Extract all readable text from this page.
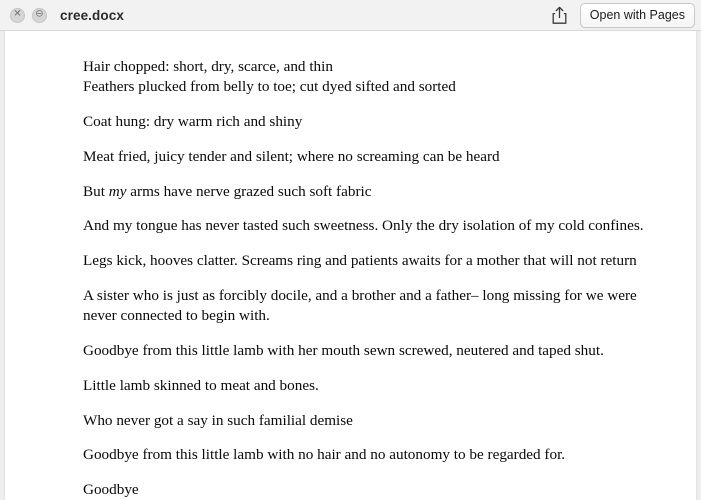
✕ ⊖ cree.docx	Open with Pages

Hair chopped: short, dry, scarce, and thin
Feathers plucked from belly to toe; cut dyed sifted and sorted

Coat hung: dry warm rich and shiny

Meat fried, juicy tender and silent; where no screaming can be heard

But my arms have nerve grazed such soft fabric

And my tongue has never tasted such sweetness. Only the dry isolation of my cold confines.

Legs kick, hooves clatter. Screams ring and patients awaits for a mother that will not return

A sister who is just as forcibly docile, and a brother and a father– long missing for we were never connected to begin with.

Goodbye from this little lamb with her mouth sewn screwed, neutered and taped shut.

Little lamb skinned to meat and bones.

Who never got a say in such familial demise

Goodbye from this little lamb with no hair and no autonomy to be regarded for.

Goodbye
